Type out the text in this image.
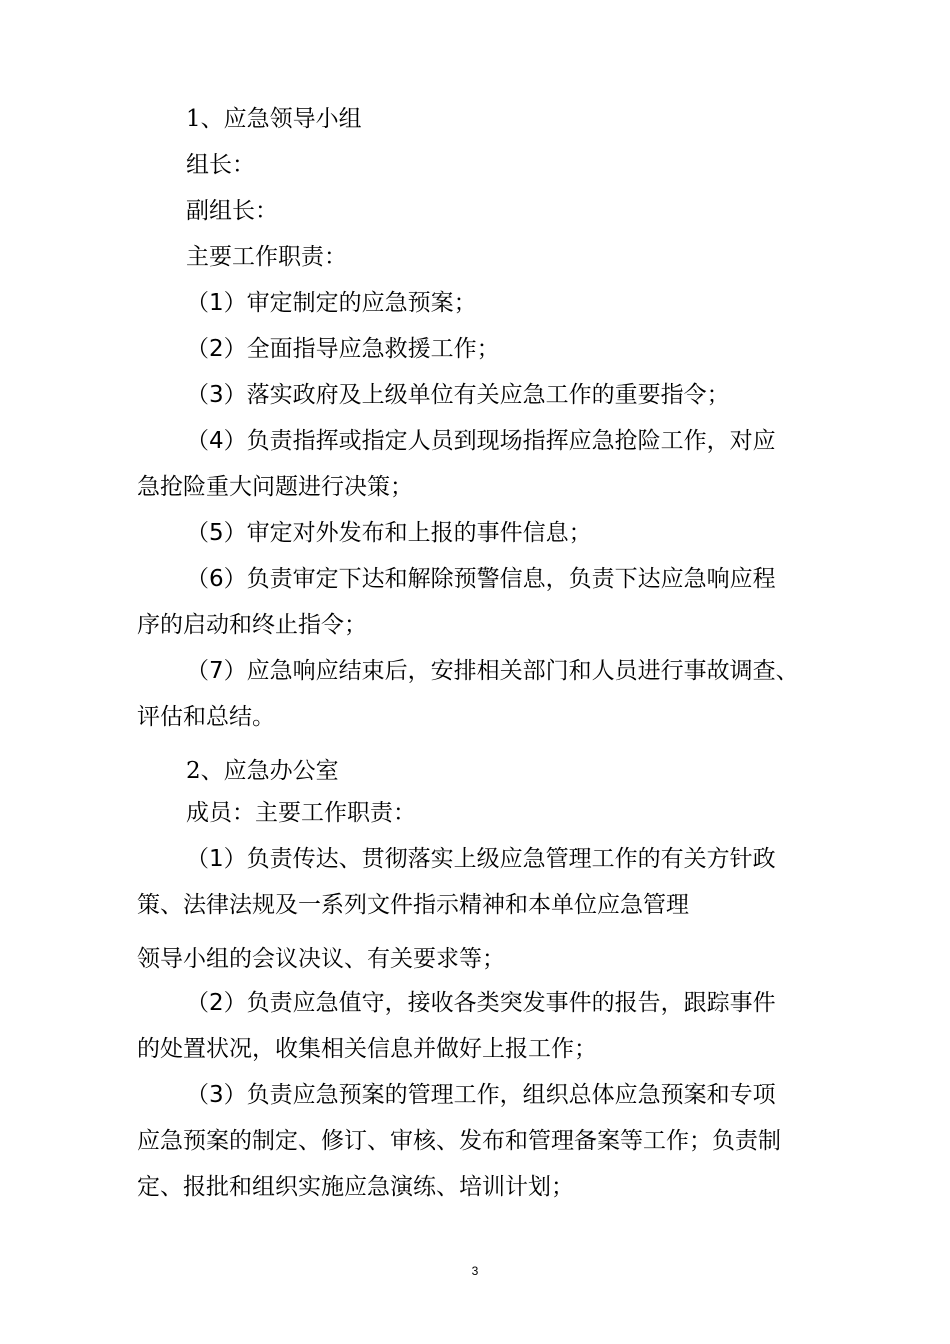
1、应急领导小组
组长：
副组长：
主要工作职责：
（1）审定制定的应急预案；
（2）全面指导应急救援工作；
（3）落实政府及上级单位有关应急工作的重要指令；
（4）负责指挥或指定人员到现场指挥应急抢险工作，对应
急抢险重大问题进行决策；
（5）审定对外发布和上报的事件信息；
（6）负责审定下达和解除预警信息，负责下达应急响应程
序的启动和终止指令；
（7）应急响应结束后，安排相关部门和人员进行事故调查、
评估和总结。
2、应急办公室
成员：主要工作职责：
（1）负责传达、贯彻落实上级应急管理工作的有关方针政
策、法律法规及一系列文件指示精神和本单位应急管理
领导小组的会议决议、有关要求等；
（2）负责应急值守，接收各类突发事件的报告，跟踪事件
的处置状况，收集相关信息并做好上报工作；
（3）负责应急预案的管理工作，组织总体应急预案和专项
应急预案的制定、修订、审核、发布和管理备案等工作；负责制
定、报批和组织实施应急演练、培训计划；
3
